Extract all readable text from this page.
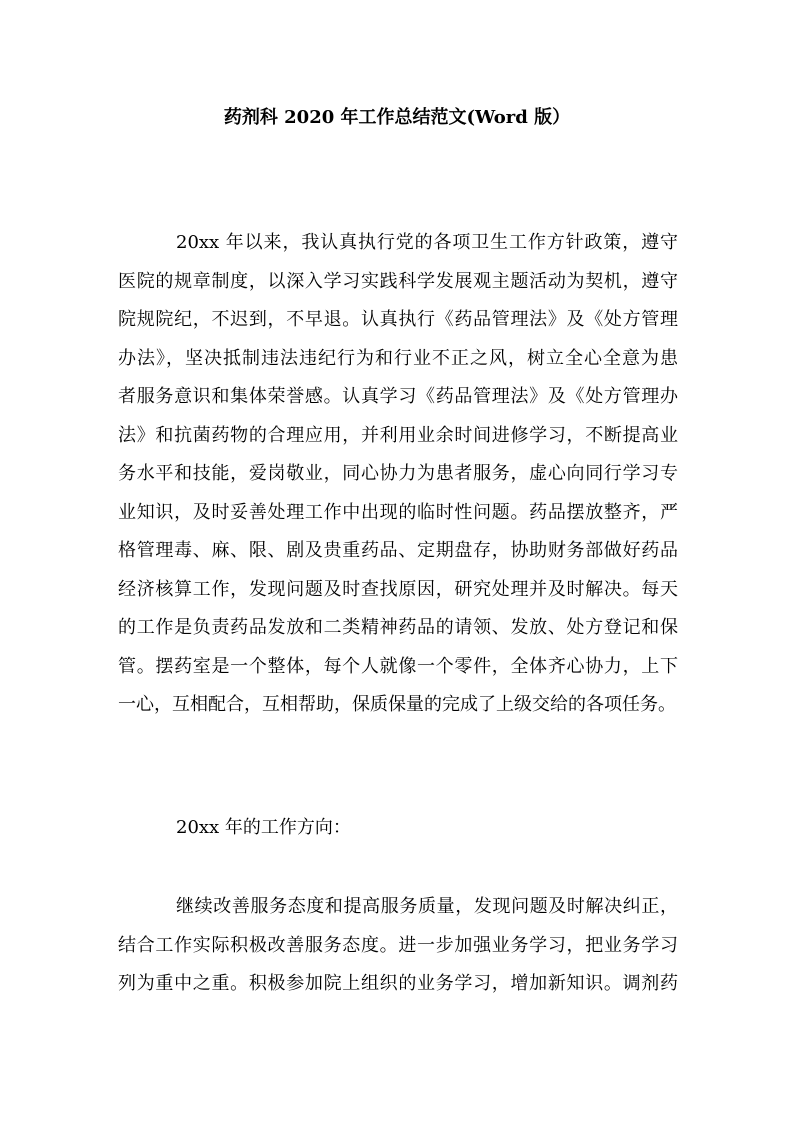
药剂科 2020 年工作总结范文(Word 版）
20xx 年以来，我认真执行党的各项卫生工作方针政策，遵守
医院的规章制度，以深入学习实践科学发展观主题活动为契机，遵守
院规院纪，不迟到，不早退。认真执行《药品管理法》及《处方管理
办法》，坚决抵制违法违纪行为和行业不正之风，树立全心全意为患
者服务意识和集体荣誉感。认真学习《药品管理法》及《处方管理办
法》和抗菌药物的合理应用，并利用业余时间进修学习，不断提高业
务水平和技能，爱岗敬业，同心协力为患者服务，虚心向同行学习专
业知识，及时妥善处理工作中出现的临时性问题。药品摆放整齐，严
格管理毒、麻、限、剧及贵重药品、定期盘存，协助财务部做好药品
经济核算工作，发现问题及时查找原因，研究处理并及时解决。每天
的工作是负责药品发放和二类精神药品的请领、发放、处方登记和保
管。摆药室是一个整体，每个人就像一个零件，全体齐心协力，上下
一心，互相配合，互相帮助，保质保量的完成了上级交给的各项任务。
20xx 年的工作方向：
继续改善服务态度和提高服务质量，发现问题及时解决纠正，
结合工作实际积极改善服务态度。进一步加强业务学习，把业务学习
列为重中之重。积极参加院上组织的业务学习，增加新知识。调剂药
